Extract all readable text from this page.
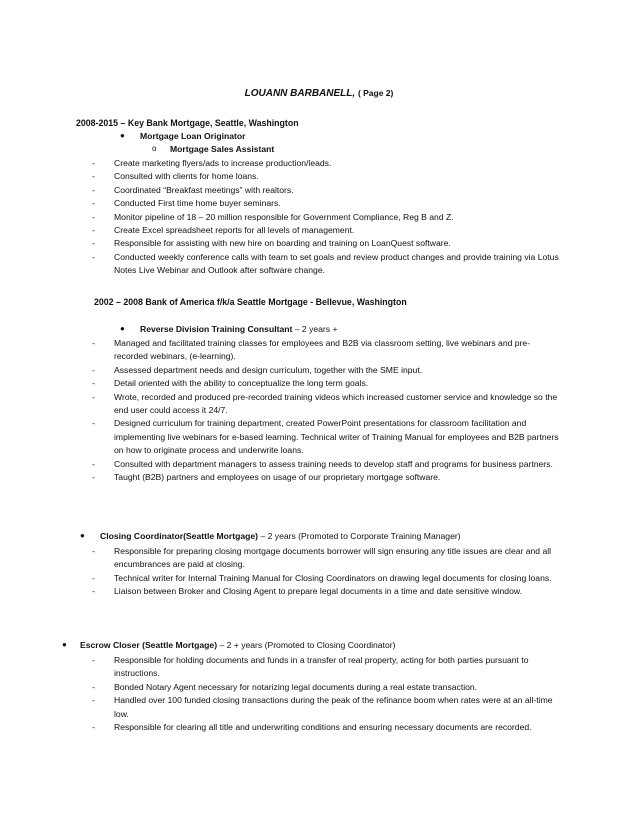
LOUANN BARBANELL, ( Page 2)
2008-2015 – Key Bank Mortgage, Seattle, Washington
● Mortgage Loan Originator
o Mortgage Sales Assistant
- Create marketing flyers/ads to increase production/leads.
- Consulted with clients for home loans.
- Coordinated “Breakfast meetings” with realtors.
- Conducted First time home buyer seminars.
- Monitor pipeline of 18 – 20 million responsible for Government Compliance, Reg B and Z.
- Create Excel spreadsheet reports for all levels of management.
- Responsible for assisting with new hire on boarding and training on LoanQuest software.
- Conducted weekly conference calls with team to set goals and review product changes and provide training via Lotus Notes Live Webinar and Outlook after software change.
2002 – 2008 Bank of America f/k/a Seattle Mortgage - Bellevue, Washington
● Reverse Division Training Consultant – 2 years +
- Managed and facilitated training classes for employees and B2B via classroom setting, live webinars and pre-recorded webinars, (e-learning).
- Assessed department needs and design curriculum, together with the SME input.
- Detail oriented with the ability to conceptualize the long term goals.
- Wrote, recorded and produced pre-recorded training videos which increased customer service and knowledge so the end user could access it 24/7.
- Designed curriculum for training department, created PowerPoint presentations for classroom facilitation and implementing live webinars for e-based learning. Technical writer of Training Manual for employees and B2B partners on how to originate process and underwrite loans.
- Consulted with department managers to assess training needs to develop staff and programs for business partners.
- Taught (B2B) partners and employees on usage of our proprietary mortgage software.
● Closing Coordinator(Seattle Mortgage) – 2 years (Promoted to Corporate Training Manager)
- Responsible for preparing closing mortgage documents borrower will sign ensuring any title issues are clear and all encumbrances are paid at closing.
- Technical writer for Internal Training Manual for Closing Coordinators on drawing legal documents for closing loans.
- Liaison between Broker and Closing Agent to prepare legal documents in a time and date sensitive window.
● Escrow Closer (Seattle Mortgage) – 2 + years (Promoted to Closing Coordinator)
- Responsible for holding documents and funds in a transfer of real property, acting for both parties pursuant to instructions.
- Bonded Notary Agent necessary for notarizing legal documents during a real estate transaction.
- Handled over 100 funded closing transactions during the peak of the refinance boom when rates were at an all-time low.
- Responsible for clearing all title and underwriting conditions and ensuring necessary documents are recorded.
